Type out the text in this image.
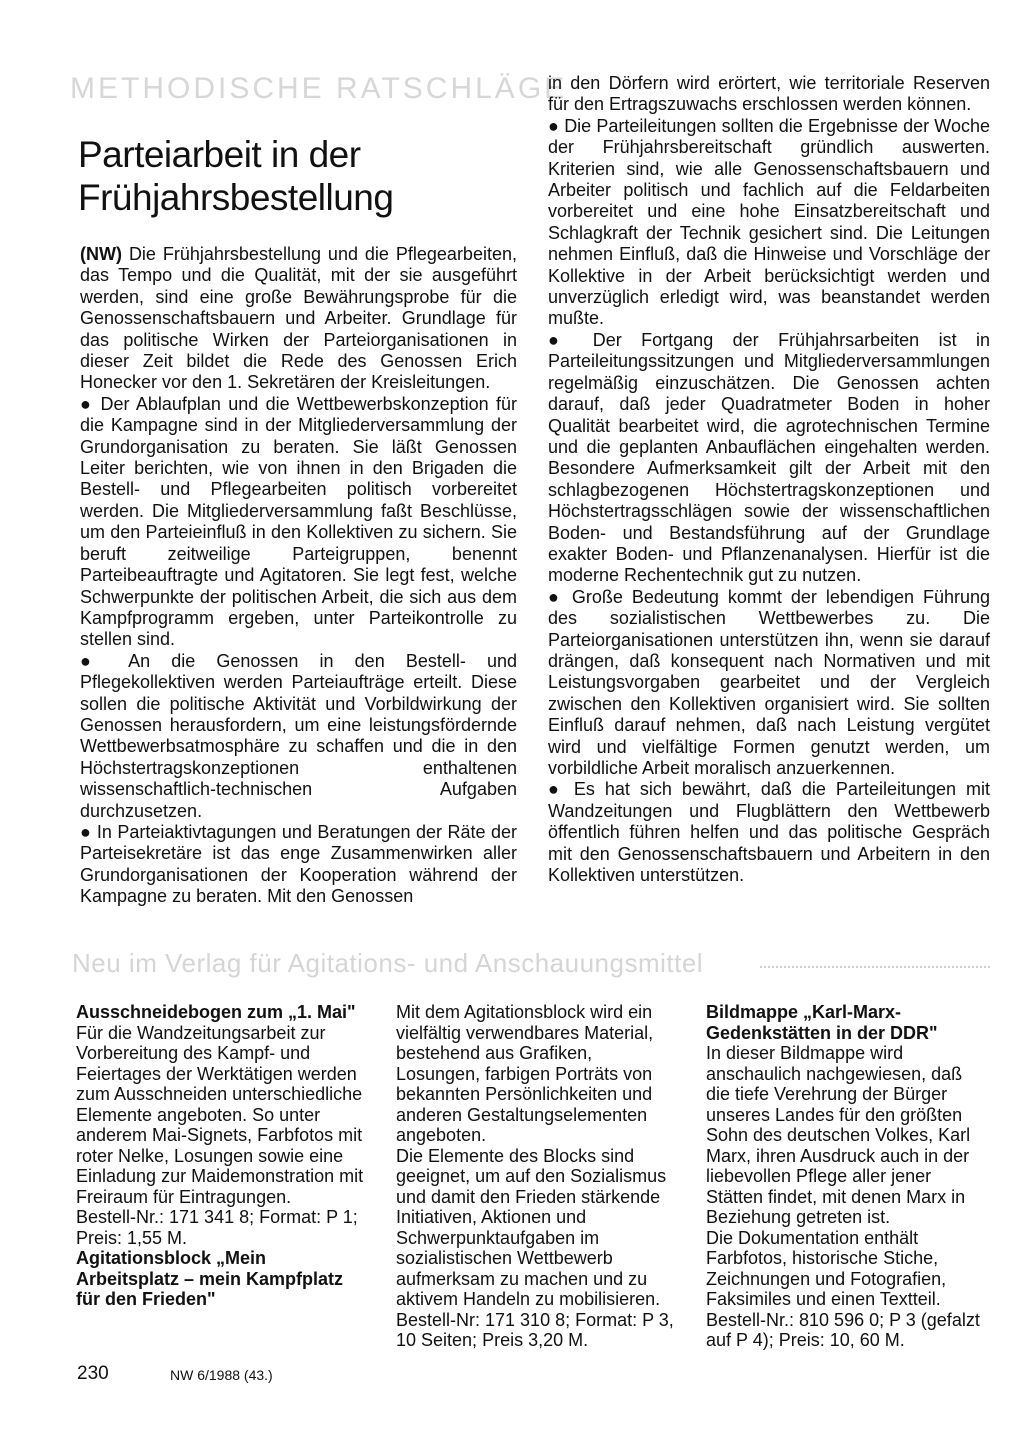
METHODISCHE RATSCHLÄGE
Parteiarbeit in der
Frühjahrsbestellung

(NW) Die Frühjahrsbestellung und die Pflegearbeiten, das Tempo und die Qualität, mit der sie ausgeführt werden, sind eine große Bewährungsprobe für die Genossenschaftsbauern und Arbeiter. Grundlage für das politische Wirken der Parteiorganisationen in dieser Zeit bildet die Rede des Genossen Erich Honecker vor den 1. Sekretären der Kreisleitungen.

● Der Ablaufplan und die Wettbewerbskonzeption für die Kampagne sind in der Mitgliederversammlung der Grundorganisation zu beraten. Sie läßt Genossen Leiter berichten, wie von ihnen in den Brigaden die Bestell- und Pflegearbeiten politisch vorbereitet werden. Die Mitgliederversammlung faßt Beschlüsse, um den Parteieinfluß in den Kollektiven zu sichern. Sie beruft zeitweilige Parteigruppen, benennt Parteibeauftragte und Agitatoren. Sie legt fest, welche Schwerpunkte der politischen Arbeit, die sich aus dem Kampfprogramm ergeben, unter Parteikontrolle zu stellen sind.

● An die Genossen in den Bestell- und Pflegekollektiven werden Parteiaufträge erteilt. Diese sollen die politische Aktivität und Vorbildwirkung der Genossen herausfordern, um eine leistungsfördernde Wettbewerbsatmosphäre zu schaffen und die in den Höchstertragskonzeptionen enthaltenen wissenschaftlich-technischen Aufgaben durchzusetzen.

● In Parteiaktivtagungen und Beratungen der Räte der Parteisekretäre ist das enge Zusammenwirken aller Grundorganisationen der Kooperation während der Kampagne zu beraten. Mit den Genossen

in den Dörfern wird erörtert, wie territoriale Reserven für den Ertragszuwachs erschlossen werden können.

● Die Parteileitungen sollten die Ergebnisse der Woche der Frühjahrsbereitschaft gründlich auswerten. Kriterien sind, wie alle Genossenschaftsbauern und Arbeiter politisch und fachlich auf die Feldarbeiten vorbereitet und eine hohe Einsatzbereitschaft und Schlagkraft der Technik gesichert sind. Die Leitungen nehmen Einfluß, daß die Hinweise und Vorschläge der Kollektive in der Arbeit berücksichtigt werden und unverzüglich erledigt wird, was beanstandet werden mußte.

● Der Fortgang der Frühjahrsarbeiten ist in Parteileitungssitzungen und Mitgliederversammlungen regelmäßig einzuschätzen. Die Genossen achten darauf, daß jeder Quadratmeter Boden in hoher Qualität bearbeitet wird, die agrotechnischen Termine und die geplanten Anbauflächen eingehalten werden. Besondere Aufmerksamkeit gilt der Arbeit mit den schlagbezogenen Höchstertragskonzeptionen und Höchstertragsschlägen sowie der wissenschaftlichen Boden- und Bestandsführung auf der Grundlage exakter Boden- und Pflanzenanalysen. Hierfür ist die moderne Rechentechnik gut zu nutzen.

● Große Bedeutung kommt der lebendigen Führung des sozialistischen Wettbewerbes zu. Die Parteiorganisationen unterstützen ihn, wenn sie darauf drängen, daß konsequent nach Normativen und mit Leistungsvorgaben gearbeitet und der Vergleich zwischen den Kollektiven organisiert wird. Sie sollten Einfluß darauf nehmen, daß nach Leistung vergütet wird und vielfältige Formen genutzt werden, um vorbildliche Arbeit moralisch anzuerkennen.

● Es hat sich bewährt, daß die Parteileitungen mit Wandzeitungen und Flugblättern den Wettbewerb öffentlich führen helfen und das politische Gespräch mit den Genossenschaftsbauern und Arbeitern in den Kollektiven unterstützen.

Neu im Verlag für Agitations- und Anschauungsmittel

Ausschneidebogen zum „1. Mai"

Für die Wandzeitungsarbeit zur Vorbereitung des Kampf- und Feiertages der Werktätigen werden zum Ausschneiden unterschiedliche Elemente angeboten. So unter anderem Mai-Signets, Farbfotos mit roter Nelke, Losungen sowie eine Einladung zur Maidemonstration mit Freiraum für Eintragungen.

Bestell-Nr.: 171 341 8; Format: P 1; Preis: 1,55 M.

Agitationsblock „Mein Arbeitsplatz – mein Kampfplatz für den Frieden"

Mit dem Agitationsblock wird ein vielfältig verwendbares Material, bestehend aus Grafiken, Losungen, farbigen Porträts von bekannten Persönlichkeiten und anderen Gestaltungselementen angeboten.

Die Elemente des Blocks sind geeignet, um auf den Sozialismus und damit den Frieden stärkende Initiativen, Aktionen und Schwerpunktaufgaben im sozialistischen Wettbewerb aufmerksam zu machen und zu aktivem Handeln zu mobilisieren.

Bestell-Nr: 171 310 8; Format: P 3, 10 Seiten; Preis 3,20 M.

Bildmappe „Karl-Marx-Gedenkstätten in der DDR"

In dieser Bildmappe wird anschaulich nachgewiesen, daß die tiefe Verehrung der Bürger unseres Landes für den größten Sohn des deutschen Volkes, Karl Marx, ihren Ausdruck auch in der liebevollen Pflege aller jener Stätten findet, mit denen Marx in Beziehung getreten ist.

Die Dokumentation enthält Farbfotos, historische Stiche, Zeichnungen und Fotografien, Faksimiles und einen Textteil.

Bestell-Nr.: 810 596 0; P 3 (gefalzt auf P 4); Preis: 10, 60 M.

230	NW 6/1988 (43.)
